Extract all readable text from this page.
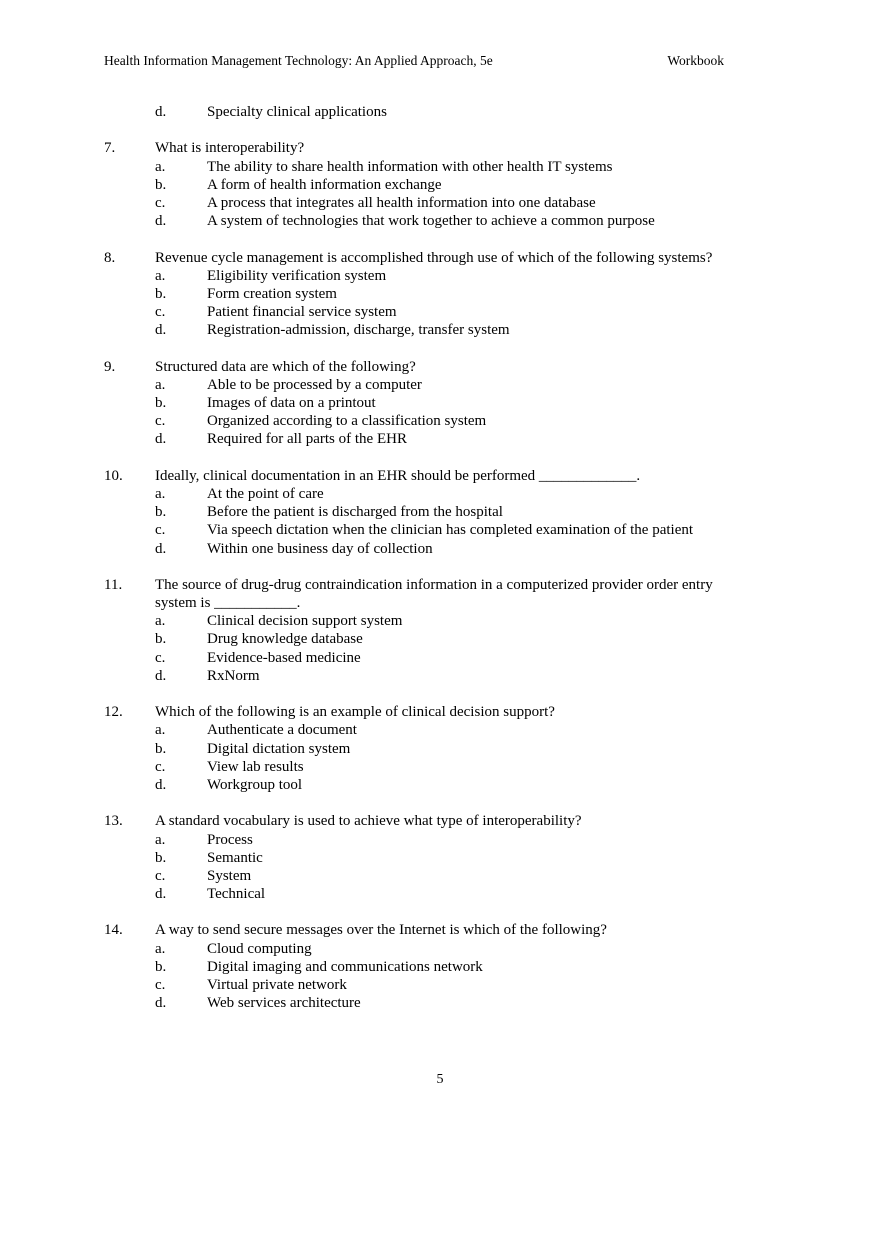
Health Information Management Technology: An Applied Approach, 5e	Workbook
d.	Specialty clinical applications
7.	What is interoperability?
a.	The ability to share health information with other health IT systems
b.	A form of health information exchange
c.	A process that integrates all health information into one database
d.	A system of technologies that work together to achieve a common purpose
8.	Revenue cycle management is accomplished through use of which of the following systems?
a.	Eligibility verification system
b.	Form creation system
c.	Patient financial service system
d.	Registration-admission, discharge, transfer system
9.	Structured data are which of the following?
a.	Able to be processed by a computer
b.	Images of data on a printout
c.	Organized according to a classification system
d.	Required for all parts of the EHR
10. Ideally, clinical documentation in an EHR should be performed _____________.
a.	At the point of care
b.	Before the patient is discharged from the hospital
c.	Via speech dictation when the clinician has completed examination of the patient
d.	Within one business day of collection
11. The source of drug-drug contraindication information in a computerized provider order entry
system is ___________.
a.	Clinical decision support system
b.	Drug knowledge database
c.	Evidence-based medicine
d.	RxNorm
12. Which of the following is an example of clinical decision support?
a.	Authenticate a document
b.	Digital dictation system
c.	View lab results
d.	Workgroup tool
13. A standard vocabulary is used to achieve what type of interoperability?
a.	Process
b.	Semantic
c.	System
d.	Technical
14. A way to send secure messages over the Internet is which of the following?
a.	Cloud computing
b.	Digital imaging and communications network
c.	Virtual private network
d.	Web services architecture
5
